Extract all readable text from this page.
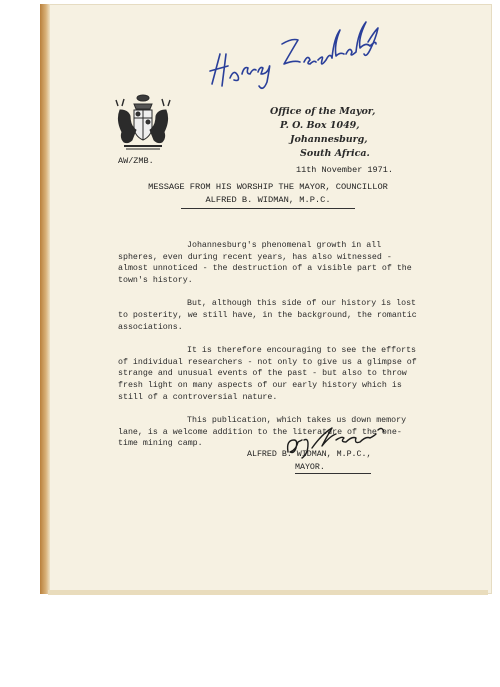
AW/ZMB.
Office of the Mayor,
P. O. Box 1049,
Johannesburg,
South Africa.
11th November 1971.
MESSAGE FROM HIS WORSHIP THE MAYOR, COUNCILLOR
ALFRED B. WIDMAN, M.P.C.

Johannesburg's phenomenal growth in all spheres, even during recent years, has also witnessed - almost unnoticed - the destruction of a visible part of the town's history.

But, although this side of our history is lost to posterity, we still have, in the background, the romantic associations.

It is therefore encouraging to see the efforts of individual researchers - not only to give us a glimpse of strange and unusual events of the past - but also to throw fresh light on many aspects of our early history which is still of a controversial nature.

This publication, which takes us down memory lane, is a welcome addition to the literature of the one-time mining camp.

ALFRED B. WIDMAN, M.P.C.,
MAYOR.
